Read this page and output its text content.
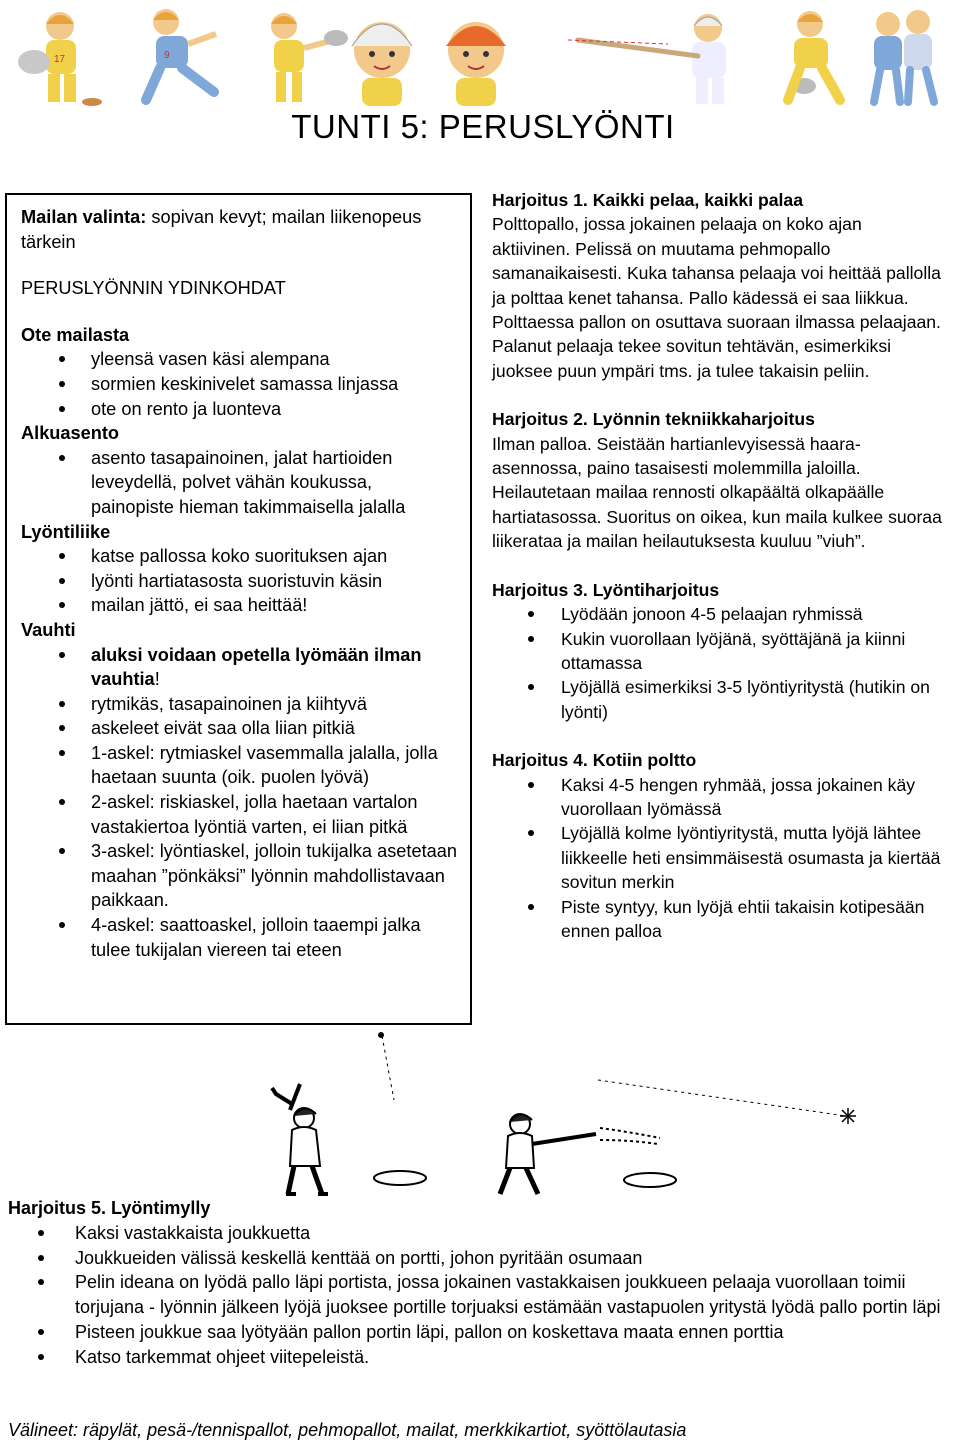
17	9
TUNTI 5: PERUSLYÖNTI

Mailan valinta: sopivan kevyt; mailan liikenopeus tärkein

PERUSLYÖNNIN YDINKOHDAT

Ote mailasta

yleensä vasen käsi alempana
sormien keskinivelet samassa linjassa
ote on rento ja luonteva

Alkuasento

asento tasapainoinen, jalat hartioiden leveydellä, polvet vähän koukussa, painopiste hieman takimmaisella jalalla

Lyöntiliike

katse pallossa koko suorituksen ajan
lyönti hartiatasosta suoristuvin käsin
mailan jättö, ei saa heittää!

Vauhti

aluksi voidaan opetella lyömään ilman vauhtia!
rytmikäs, tasapainoinen ja kiihtyvä
askeleet eivät saa olla liian pitkiä
1-askel: rytmiaskel vasemmalla jalalla, jolla haetaan suunta (oik. puolen lyövä)
2-askel: riskiaskel, jolla haetaan vartalon vastakiertoa lyöntiä varten, ei liian pitkä
3-askel: lyöntiaskel, jolloin tukijalka asetetaan maahan ”pönkäksi” lyönnin mahdollistavaan paikkaan.
4-askel: saattoaskel, jolloin taaempi jalka tulee tukijalan viereen tai eteen

Harjoitus 1. Kaikki pelaa, kaikki palaa

Polttopallo, jossa jokainen pelaaja on koko ajan aktiivinen. Pelissä on muutama pehmopallo samanaikaisesti. Kuka tahansa pelaaja voi heittää pallolla ja polttaa kenet tahansa. Pallo kädessä ei saa liikkua. Polttaessa pallon on osuttava suoraan ilmassa pelaajaan. Palanut pelaaja tekee sovitun tehtävän, esimerkiksi juoksee puun ympäri tms. ja tulee takaisin peliin.

Harjoitus 2. Lyönnin tekniikkaharjoitus

Ilman palloa. Seistään hartianlevyisessä haara-asennossa, paino tasaisesti molemmilla jaloilla. Heilautetaan mailaa rennosti olkapäältä olkapäälle hartiatasossa. Suoritus on oikea, kun maila kulkee suoraa liikerataa ja mailan heilautuksesta kuuluu ”viuh”.

Harjoitus 3. Lyöntiharjoitus

Lyödään jonoon 4-5 pelaajan ryhmissä
Kukin vuorollaan lyöjänä, syöttäjänä ja kiinni ottamassa
Lyöjällä esimerkiksi 3-5 lyöntiyritystä (hutikin on lyönti)

Harjoitus 4. Kotiin poltto

Kaksi 4-5 hengen ryhmää, jossa jokainen käy vuorollaan lyömässä
Lyöjällä kolme lyöntiyritystä, mutta lyöjä lähtee liikkeelle heti ensimmäisestä osumasta ja kiertää sovitun merkin
Piste syntyy, kun lyöjä ehtii takaisin kotipesään ennen palloa

Harjoitus 5. Lyöntimylly

Kaksi vastakkaista joukkuetta
Joukkueiden välissä keskellä kenttää on portti, johon pyritään osumaan
Pelin ideana on lyödä pallo läpi portista, jossa jokainen vastakkaisen joukkueen pelaaja vuorollaan toimii torjujana - lyönnin jälkeen lyöjä juoksee portille torjuaksi estämään vastapuolen yritystä lyödä pallo portin läpi
Pisteen joukkue saa lyötyään pallon portin läpi, pallon on koskettava maata ennen porttia
Katso tarkemmat ohjeet viitepeleistä.
Välineet: räpylät, pesä-/tennispallot, pehmopallot, mailat, merkkikartiot, syöttölautasia
